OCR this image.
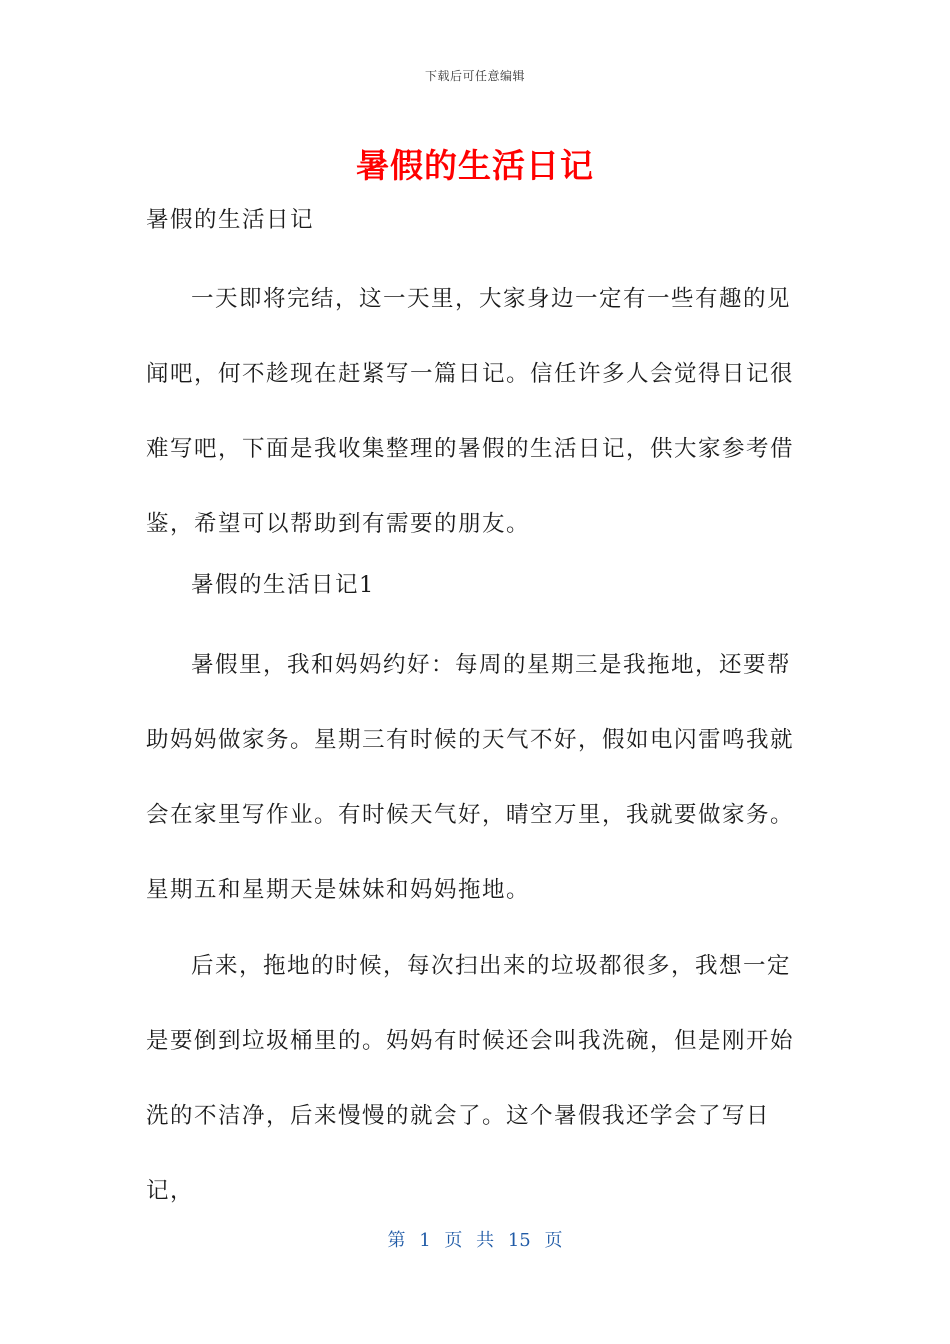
下载后可任意编辑
暑假的生活日记
暑假的生活日记

一天即将完结，这一天里，大家身边一定有一些有趣的见闻吧，何不趁现在赶紧写一篇日记。信任许多人会觉得日记很难写吧，下面是我收集整理的暑假的生活日记，供大家参考借鉴，希望可以帮助到有需要的朋友。

暑假的生活日记1

暑假里，我和妈妈约好：每周的星期三是我拖地，还要帮助妈妈做家务。星期三有时候的天气不好，假如电闪雷鸣我就会在家里写作业。有时候天气好，晴空万里，我就要做家务。星期五和星期天是妹妹和妈妈拖地。

后来，拖地的时候，每次扫出来的垃圾都很多，我想一定是要倒到垃圾桶里的。妈妈有时候还会叫我洗碗，但是刚开始洗的不洁净，后来慢慢的就会了。这个暑假我还学会了写日记，

第 1 页 共 15 页
